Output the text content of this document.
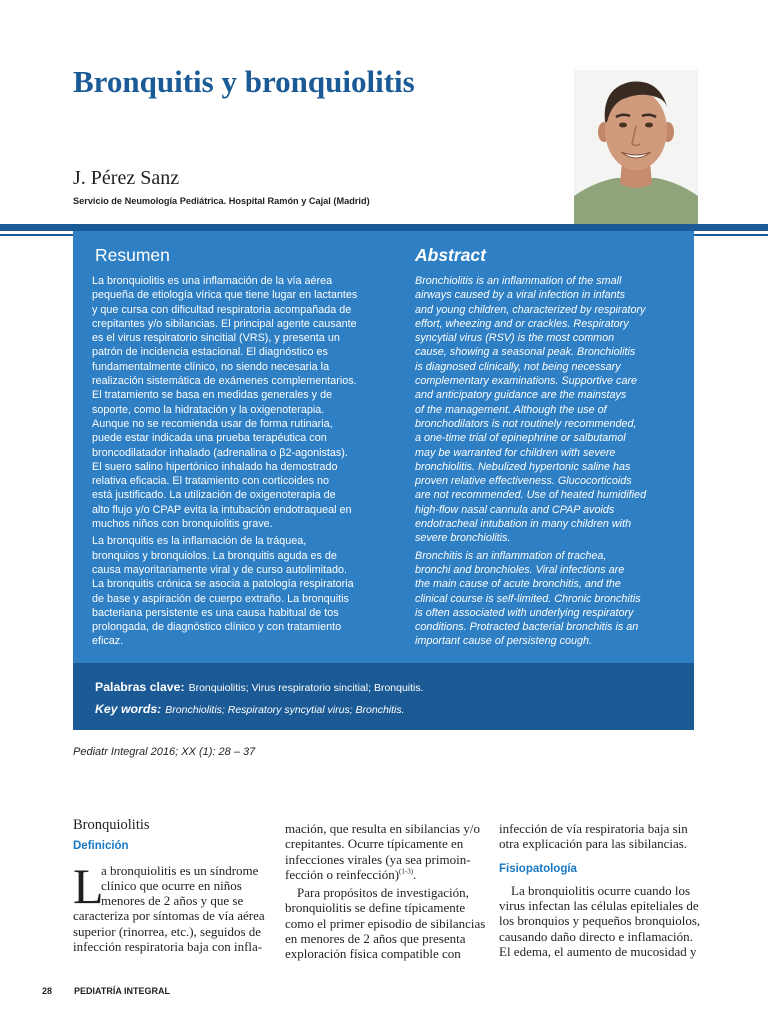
Bronquitis y bronquiolitis
J. Pérez Sanz
Servicio de Neumología Pediátrica. Hospital Ramón y Cajal (Madrid)
Resumen	Abstract

La bronquiolitis es una inflamación de la vía aérea
pequeña de etiología vírica que tiene lugar en lactantes
y que cursa con dificultad respiratoria acompañada de
crepitantes y/o sibilancias. El principal agente causante
es el virus respiratorio sincitial (VRS), y presenta un
patrón de incidencia estacional. El diagnóstico es
fundamentalmente clínico, no siendo necesaria la
realización sistemática de exámenes complementarios.
El tratamiento se basa en medidas generales y de
soporte, como la hidratación y la oxigenoterapia.
Aunque no se recomienda usar de forma rutinaria,
puede estar indicada una prueba terapéutica con
broncodilatador inhalado (adrenalina o β2-agonistas).
El suero salino hipertónico inhalado ha demostrado
relativa eficacia. El tratamiento con corticoides no
está justificado. La utilización de oxigenoterapia de
alto flujo y/o CPAP evita la intubación endotraqueal en
muchos niños con bronquiolitis grave.

La bronquitis es la inflamación de la tráquea,
bronquios y bronquiolos. La bronquitis aguda es de
causa mayoritariamente viral y de curso autolimitado.
La bronquitis crónica se asocia a patología respiratoria
de base y aspiración de cuerpo extraño. La bronquitis
bacteriana persistente es una causa habitual de tos
prolongada, de diagnóstico clínico y con tratamiento
eficaz.

Bronchiolitis is an inflammation of the small
airways caused by a viral infection in infants
and young children, characterized by respiratory
effort, wheezing and or crackles. Respiratory
syncytial virus (RSV) is the most common
cause, showing a seasonal peak. Bronchiolitis
is diagnosed clinically, not being necessary
complementary examinations. Supportive care
and anticipatory guidance are the mainstays
of the management. Although the use of
bronchodilators is not routinely recommended,
a one-time trial of epinephrine or salbutamol
may be warranted for children with severe
bronchiolitis. Nebulized hypertonic saline has
proven relative effectiveness. Glucocorticoids
are not recommended. Use of heated humidified
high-flow nasal cannula and CPAP avoids
endotracheal intubation in many children with
severe bronchiolitis.

Bronchitis is an inflammation of trachea,
bronchi and bronchioles. Viral infections are
the main cause of acute bronchitis, and the
clinical course is self-limited. Chronic bronchitis
is often associated with underlying respiratory
conditions. Protracted bacterial bronchitis is an
important cause of persisteng cough.

Palabras clave: Bronquiolitis; Virus respiratorio sincitial; Bronquitis.
Key words: Bronchiolitis; Respiratory syncytial virus; Bronchitis.
Pediatr Integral 2016; XX (1): 28 – 37
Bronquiolitis
Definición
L
a bronquiolitis es un síndrome
clínico que ocurre en niños
menores de 2 años y que se
caracteriza por síntomas de vía aérea
superior (rinorrea, etc.), seguidos de
infección respiratoria baja con infla-
mación, que resulta en sibilancias y/o
crepitantes. Ocurre típicamente en
infecciones virales (ya sea primoin-
fección o reinfección)$^{(1-3)}$.
Para propósitos de investigación,
bronquiolitis se define típicamente
como el primer episodio de sibilancias
en menores de 2 años que presenta
exploración física compatible con
infección de vía respiratoria baja sin
otra explicación para las sibilancias.
Fisiopatología
La bronquiolitis ocurre cuando los
virus infectan las células epiteliales de
los bronquios y pequeños bronquiolos,
causando daño directo e inflamación.
El edema, el aumento de mucosidad y
28 PEDIATRÍA INTEGRAL
